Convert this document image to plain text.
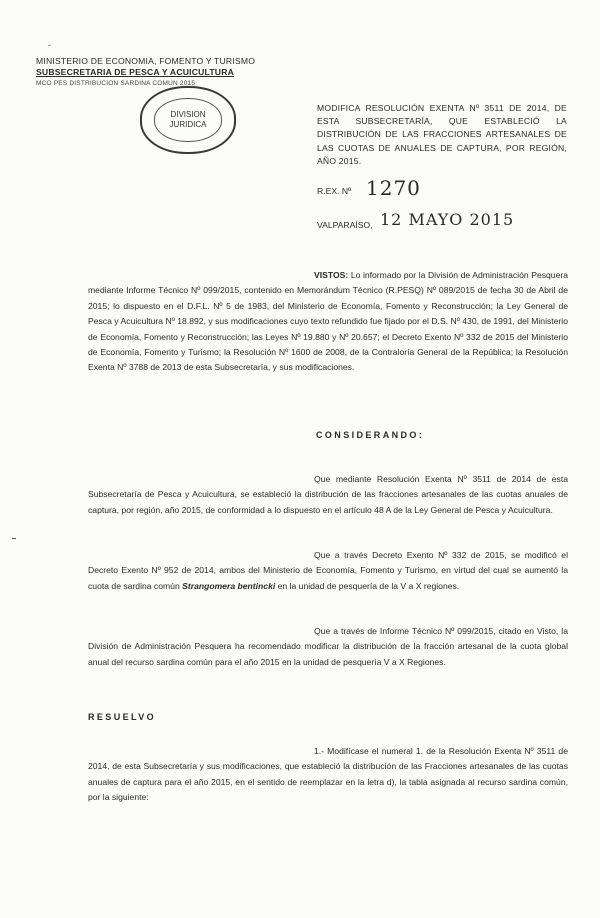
-
MINISTERIO DE ECONOMIA, FOMENTO Y TURISMO
SUBSECRETARIA DE PESCA Y ACUICULTURA
MCO PES DISTRIBUCION SARDINA COMUN 2015
DIVISION
JURIDICA
MODIFICA RESOLUCIÓN EXENTA Nº 3511 DE 2014, DE ESTA SUBSECRETARÍA, QUE ESTABLECIÓ LA DISTRIBUCIÓN DE LAS FRACCIONES ARTESANALES DE LAS CUOTAS DE ANUALES DE CAPTURA, POR REGIÓN, AÑO 2015.
R.EX. Nº 1270
VALPARAÍSO, 12 MAYO 2015
VISTOS: Lo informado por la División de Administración Pesquera mediante Informe Técnico Nº 099/2015, contenido en Memorándum Técnico (R.PESQ) Nº 089/2015 de fecha 30 de Abril de 2015; lo dispuesto en el D.F.L. Nº 5 de 1983, del Ministerio de Economía, Fomento y Reconstrucción; la Ley General de Pesca y Acuicultura Nº 18.892, y sus modificaciones cuyo texto refundido fue fijado por el D.S. Nº 430, de 1991, del Ministerio de Economía, Fomento y Reconstrucción; las Leyes Nº 19.880 y Nº 20.657; el Decreto Exento Nº 332 de 2015 del Ministerio de Economía, Fomento y Turismo; la Resolución Nº 1600 de 2008, de la Contraloría General de la República; la Resolución Exenta Nº 3788 de 2013 de esta Subsecretaría, y sus modificaciones.
CONSIDERANDO:
Que mediante Resolución Exenta Nº 3511 de 2014 de esta Subsecretaría de Pesca y Acuicultura, se estableció la distribución de las fracciones artesanales de las cuotas anuales de captura, por región, año 2015, de conformidad a lo dispuesto en el artículo 48 A de la Ley General de Pesca y Acuicultura.
Que a través Decreto Exento Nº 332 de 2015, se modificó el Decreto Exento Nº 952 de 2014, ambos del Ministerio de Economía, Fomento y Turismo, en virtud del cual se aumentó la cuota de sardina común Strangomera bentincki en la unidad de pesquería de la V a X regiones.
Que a través de Informe Técnico Nº 099/2015, citado en Visto, la División de Administración Pesquera ha recomendado modificar la distribución de la fracción artesanal de la cuota global anual del recurso sardina común para el año 2015 en la unidad de pesquería V a X Regiones.
RESUELVO
1.- Modifícase el numeral 1. de la Resolución Exenta Nº 3511 de 2014, de esta Subsecretaría y sus modificaciones, que estableció la distribución de las Fracciones artesanales de las cuotas anuales de captura para el año 2015, en el sentido de reemplazar en la letra d), la tabla asignada al recurso sardina común, por la siguiente:
